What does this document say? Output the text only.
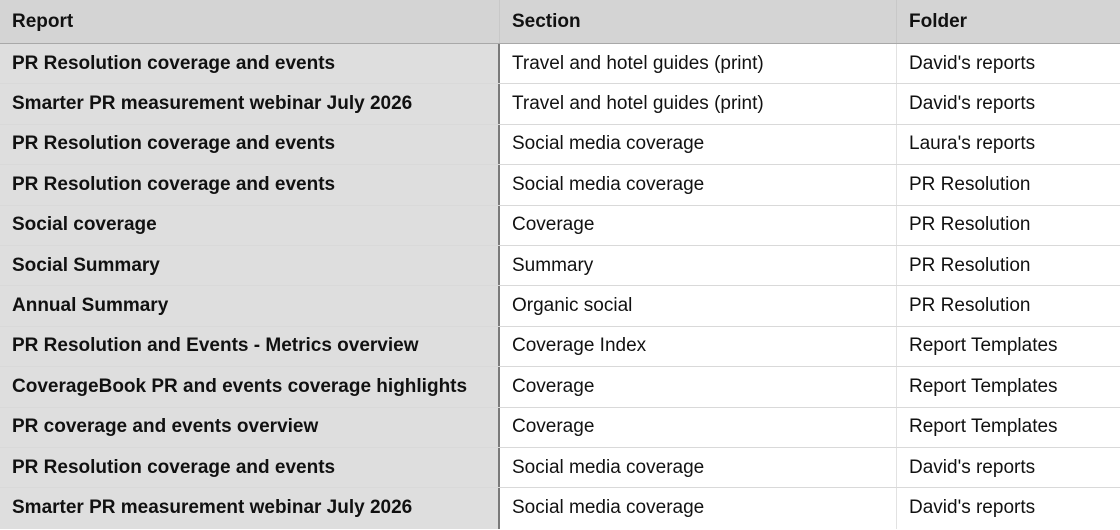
Report	Section	Folder
PR Resolution coverage and events	Travel and hotel guides (print)	David's reports
Smarter PR measurement webinar July 2026	Travel and hotel guides (print)	David's reports
PR Resolution coverage and events	Social media coverage	Laura's reports
PR Resolution coverage and events	Social media coverage	PR Resolution
Social coverage	Coverage	PR Resolution
Social Summary	Summary	PR Resolution
Annual Summary	Organic social	PR Resolution
PR Resolution and Events - Metrics overview	Coverage Index	Report Templates
CoverageBook PR and events coverage highlights	Coverage	Report Templates
PR coverage and events overview	Coverage	Report Templates
PR Resolution coverage and events	Social media coverage	David's reports
Smarter PR measurement webinar July 2026	Social media coverage	David's reports
